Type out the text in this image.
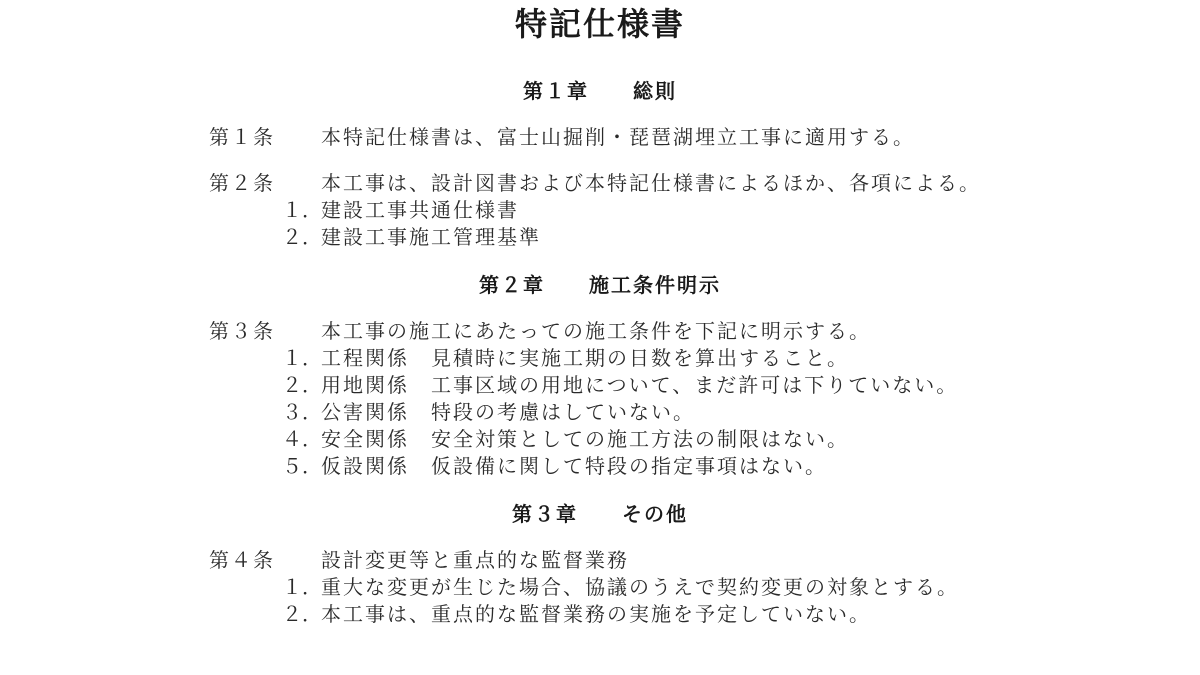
特記仕様書
第１章 総則
第１条	本特記仕様書は、富士山掘削・琵琶湖埋立工事に適用する。
第２条	本工事は、設計図書および本特記仕様書によるほか、各項による。
１． 建設工事共通仕様書
２． 建設工事施工管理基準
第２章 施工条件明示
第３条	本工事の施工にあたっての施工条件を下記に明示する。
１． 工程関係 見積時に実施工期の日数を算出すること。
２． 用地関係 工事区域の用地について、まだ許可は下りていない。
３． 公害関係 特段の考慮はしていない。
４． 安全関係 安全対策としての施工方法の制限はない。
５． 仮設関係 仮設備に関して特段の指定事項はない。
第３章 その他
第４条	設計変更等と重点的な監督業務
１． 重大な変更が生じた場合、協議のうえで契約変更の対象とする。
２． 本工事は、重点的な監督業務の実施を予定していない。
